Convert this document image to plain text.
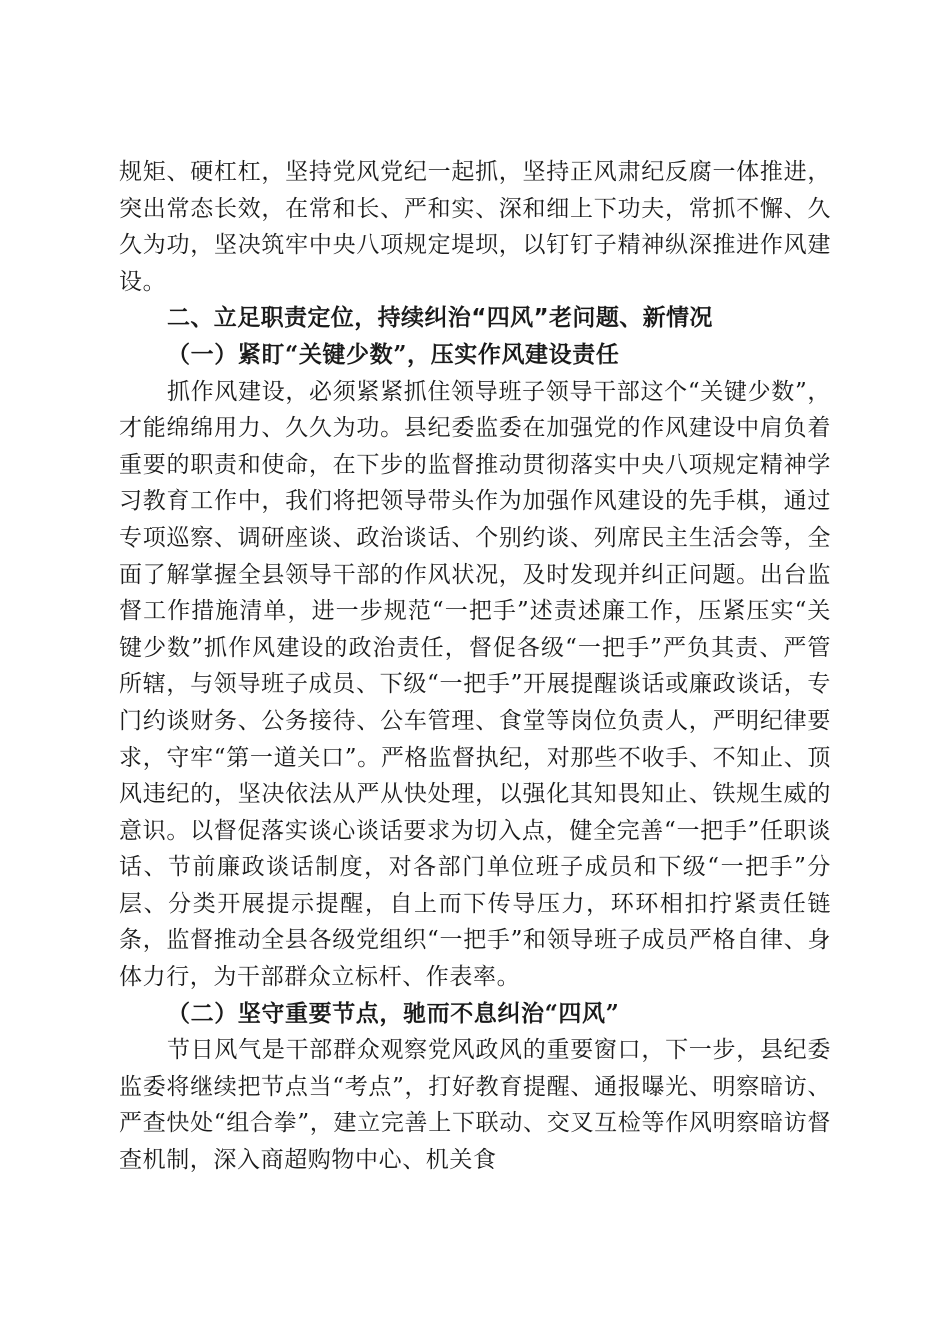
规矩、硬杠杠，坚持党风党纪一起抓，坚持正风肃纪反腐一体推进，突出常态长效，在常和长、严和实、深和细上下功夫，常抓不懈、久久为功，坚决筑牢中央八项规定堤坝，以钉钉子精神纵深推进作风建设。

二、立足职责定位，持续纠治“四风”老问题、新情况

（一）紧盯“关键少数”，压实作风建设责任

抓作风建设，必须紧紧抓住领导班子领导干部这个“关键少数”，才能绵绵用力、久久为功。县纪委监委在加强党的作风建设中肩负着重要的职责和使命，在下步的监督推动贯彻落实中央八项规定精神学习教育工作中，我们将把领导带头作为加强作风建设的先手棋，通过专项巡察、调研座谈、政治谈话、个别约谈、列席民主生活会等，全面了解掌握全县领导干部的作风状况，及时发现并纠正问题。出台监督工作措施清单，进一步规范“一把手”述责述廉工作，压紧压实“关键少数”抓作风建设的政治责任，督促各级“一把手”严负其责、严管所辖，与领导班子成员、下级“一把手”开展提醒谈话或廉政谈话，专门约谈财务、公务接待、公车管理、食堂等岗位负责人，严明纪律要求，守牢“第一道关口”。严格监督执纪，对那些不收手、不知止、顶风违纪的，坚决依法从严从快处理，以强化其知畏知止、铁规生威的意识。以督促落实谈心谈话要求为切入点，健全完善“一把手”任职谈话、节前廉政谈话制度，对各部门单位班子成员和下级“一把手”分层、分类开展提示提醒，自上而下传导压力，环环相扣拧紧责任链条，监督推动全县各级党组织“一把手”和领导班子成员严格自律、身体力行，为干部群众立标杆、作表率。

（二）坚守重要节点，驰而不息纠治“四风”

节日风气是干部群众观察党风政风的重要窗口，下一步，县纪委监委将继续把节点当“考点”，打好教育提醒、通报曝光、明察暗访、严查快处“组合拳”，建立完善上下联动、交叉互检等作风明察暗访督查机制，深入商超购物中心、机关食
